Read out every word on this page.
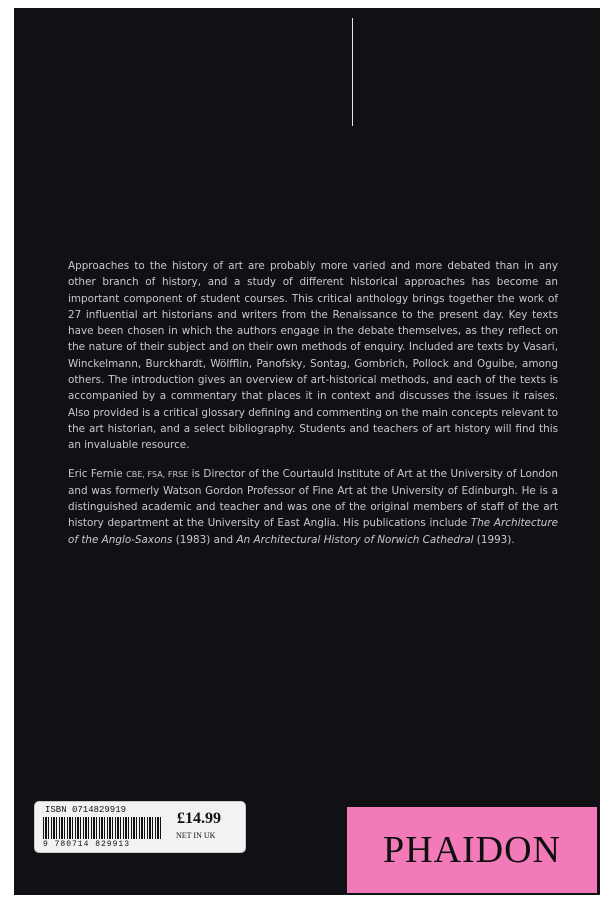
Approaches to the history of art are probably more varied and more debated than in any other branch of history, and a study of different historical approaches has become an important component of student courses. This critical anthology brings together the work of 27 influential art historians and writers from the Renaissance to the present day. Key texts have been chosen in which the authors engage in the debate themselves, as they reflect on the nature of their subject and on their own methods of enquiry. Included are texts by Vasari, Winckelmann, Burckhardt, Wölfflin, Panofsky, Sontag, Gombrich, Pollock and Oguibe, among others. The introduction gives an overview of art-historical methods, and each of the texts is accompanied by a commentary that places it in context and discusses the issues it raises. Also provided is a critical glossary defining and commenting on the main concepts relevant to the art historian, and a select bibliography. Students and teachers of art history will find this an invaluable resource.

Eric Fernie CBE, FSA, FRSE is Director of the Courtauld Institute of Art at the University of London and was formerly Watson Gordon Professor of Fine Art at the University of Edinburgh. He is a distinguished academic and teacher and was one of the original members of staff of the art history department at the University of East Anglia. His publications include The Architecture of the Anglo-Saxons (1983) and An Architectural History of Norwich Cathedral (1993).

ISBN 0714829919
9 780714 829913
£14.99
NET IN UK	PHAIDON
